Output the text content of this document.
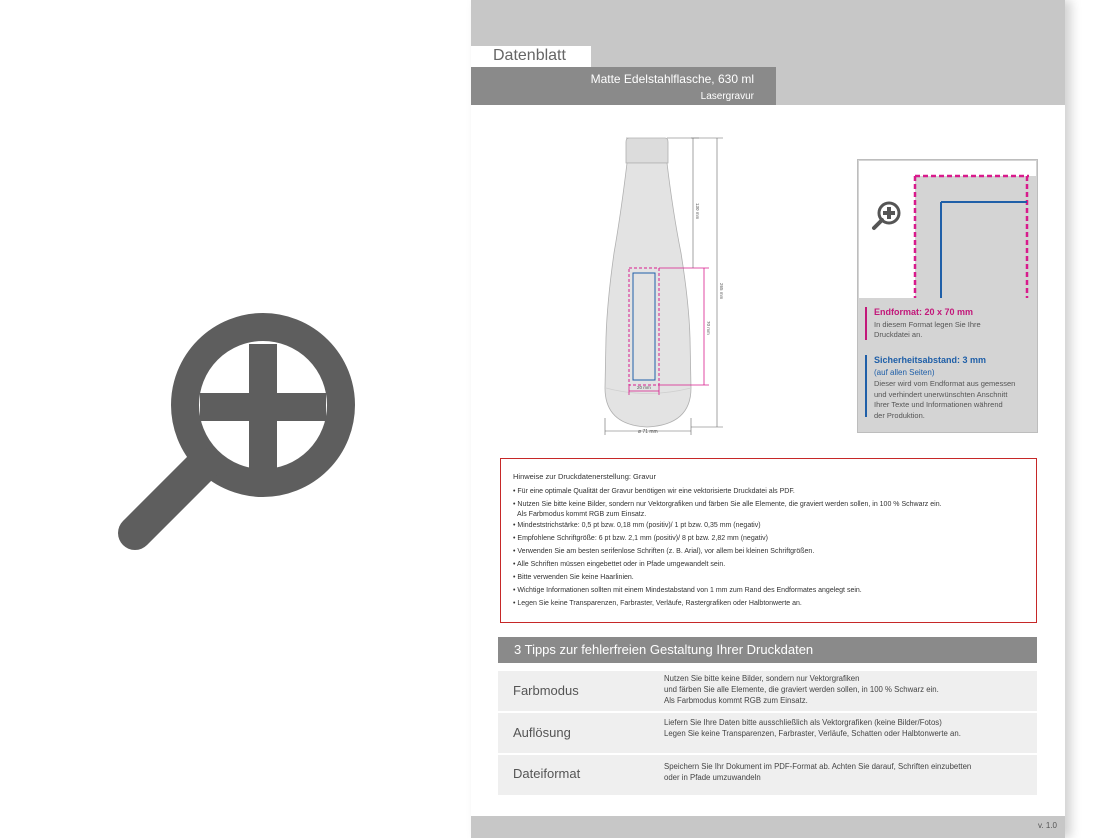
Datenblatt
Matte Edelstahlflasche, 630 ml
Lasergravur
130 mm
265 mm
70 mm
20 mm
ø 71 mm
Endformat: 20 x 70 mm
In diesem Format legen Sie Ihre
Druckdatei an.
Sicherheitsabstand: 3 mm
(auf allen Seiten)
Dieser wird vom Endformat aus gemessen
und verhindert unerwünschten Anschnitt
Ihrer Texte und Informationen während
der Produktion.
Hinweise zur Druckdatenerstellung: Gravur
• Für eine optimale Qualität der Gravur benötigen wir eine vektorisierte Druckdatei als PDF.
• Nutzen Sie bitte keine Bilder, sondern nur Vektorgrafiken und färben Sie alle Elemente, die graviert werden sollen, in 100 % Schwarz ein.
Als Farbmodus kommt RGB zum Einsatz.
• Mindeststrichstärke: 0,5 pt bzw. 0,18 mm (positiv)/ 1 pt bzw. 0,35 mm (negativ)
• Empfohlene Schriftgröße: 6 pt bzw. 2,1 mm (positiv)/ 8 pt bzw. 2,82 mm (negativ)
• Verwenden Sie am besten serifenlose Schriften (z. B. Arial), vor allem bei kleinen Schriftgrößen.
• Alle Schriften müssen eingebettet oder in Pfade umgewandelt sein.
• Bitte verwenden Sie keine Haarlinien.
• Wichtige Informationen sollten mit einem Mindestabstand von 1 mm zum Rand des Endformates angelegt sein.
• Legen Sie keine Transparenzen, Farbraster, Verläufe, Rastergrafiken oder Halbtonwerte an.
3 Tipps zur fehlerfreien Gestaltung Ihrer Druckdaten
Farbmodus
Nutzen Sie bitte keine Bilder, sondern nur Vektorgrafiken
und färben Sie alle Elemente, die graviert werden sollen, in 100 % Schwarz ein.
Als Farbmodus kommt RGB zum Einsatz.
Auflösung
Liefern Sie Ihre Daten bitte ausschließlich als Vektorgrafiken (keine Bilder/Fotos)
Legen Sie keine Transparenzen, Farbraster, Verläufe, Schatten oder Halbtonwerte an.
Dateiformat	Speichern Sie Ihr Dokument im PDF-Format ab. Achten Sie darauf, Schriften einzubetten
oder in Pfade umzuwandeln
v. 1.0
